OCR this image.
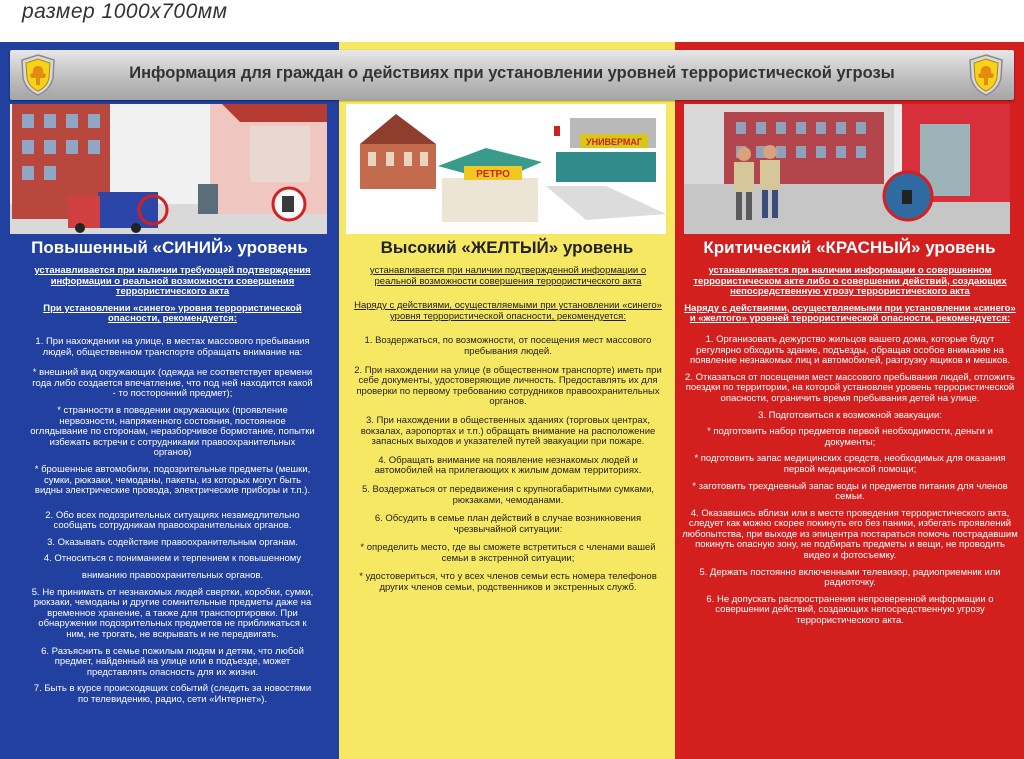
размер 1000х700мм
Информация для граждан о действиях при установлении уровней террористической угрозы
РЕТРО
УНИВЕРМАГ
Повышенный «СИНИЙ» уровень	Высокий «ЖЕЛТЫЙ» уровень	Критический «КРАСНЫЙ» уровень

устанавливается при наличии требующей подтверждения информации о реальной возможности совершения террористического акта

При установлении «синего» уровня террористической опасности, рекомендуется:

1. При нахождении на улице, в местах массового пребывания людей, общественном транспорте обращать внимание на:

* внешний вид окружающих (одежда не соответствует времени года либо создается впечатление, что под ней находится какой - то посторонний предмет);

* странности в поведении окружающих (проявление нервозности, напряженного состояния, постоянное оглядывание по сторонам, неразборчивое бормотание, попытки избежать встречи с сотрудниками правоохранительных органов)

* брошенные автомобили, подозрительные предметы (мешки, сумки, рюкзаки, чемоданы, пакеты, из которых могут быть видны электрические провода, электрические приборы и т.п.).

2. Обо всех подозрительных ситуациях незамедлительно сообщать сотрудникам правоохранительных органов.

3. Оказывать содействие правоохранительным органам.

4. Относиться с пониманием и терпением к повышенному

вниманию правоохранительных органов.

5. Не принимать от незнакомых людей свертки, коробки, сумки, рюкзаки, чемоданы и другие сомнительные предметы даже на временное хранение, а также для транспортировки. При обнаружении подозрительных предметов не приближаться к ним, не трогать, не вскрывать и не передвигать.

6. Разъяснить в семье пожилым людям и детям, что любой предмет, найденный на улице или в подъезде, может представлять опасность для их жизни.

7. Быть в курсе происходящих событий (следить за новостями по телевидению, радио, сети «Интернет»).

устанавливается при наличии подтвержденной информации о реальной возможности совершения террористического акта

Наряду с действиями, осуществляемыми при установлении «синего» уровня террористической опасности, рекомендуется:

1. Воздержаться, по возможности, от посещения мест массового пребывания людей.

2. При нахождении на улице (в общественном транспорте) иметь при себе документы, удостоверяющие личность. Предоставлять их для проверки по первому требованию сотрудников правоохранительных органов.

3. При нахождении в общественных зданиях (торговых центрах, вокзалах, аэропортах и т.п.) обращать внимание на расположение запасных выходов и указателей путей эвакуации при пожаре.

4. Обращать внимание на появление незнакомых людей и автомобилей на прилегающих к жилым домам территориях.

5. Воздержаться от передвижения с крупногабаритными сумками, рюкзаками, чемоданами.

6. Обсудить в семье план действий в случае возникновения чрезвычайной ситуации:

* определить место, где вы сможете встретиться с членами вашей семьи в экстренной ситуации;

* удостовериться, что у всех членов семьи есть номера телефонов других членов семьи, родственников и экстренных служб.

устанавливается при наличии информации о совершенном террористическом акте либо о совершении действий, создающих непосредственную угрозу террористического акта

Наряду с действиями, осуществляемыми при установлении «синего» и «желтого» уровней террористической опасности, рекомендуется:

1. Организовать дежурство жильцов вашего дома, которые будут регулярно обходить здание, подъезды, обращая особое внимание на появление незнакомых лиц и автомобилей, разгрузку ящиков и мешков.

2. Отказаться от посещения мест массового пребывания людей, отложить поездки по территории, на которой установлен уровень террористической опасности, ограничить время пребывания детей на улице.

3. Подготовиться к возможной эвакуации:

* подготовить набор предметов первой необходимости, деньги и документы;

* подготовить запас медицинских средств, необходимых для оказания первой медицинской помощи;

* заготовить трехдневный запас воды и предметов питания для членов семьи.

4. Оказавшись вблизи или в месте проведения террористического акта, следует как можно скорее покинуть его без паники, избегать проявлений любопытства, при выходе из эпицентра постараться помочь пострадавшим покинуть опасную зону, не подбирать предметы и вещи, не проводить видео и фотосъемку.

5. Держать постоянно включенными телевизор, радиоприемник или радиоточку.

6. Не допускать распространения непроверенной информации о совершении действий, создающих непосредственную угрозу террористического акта.
